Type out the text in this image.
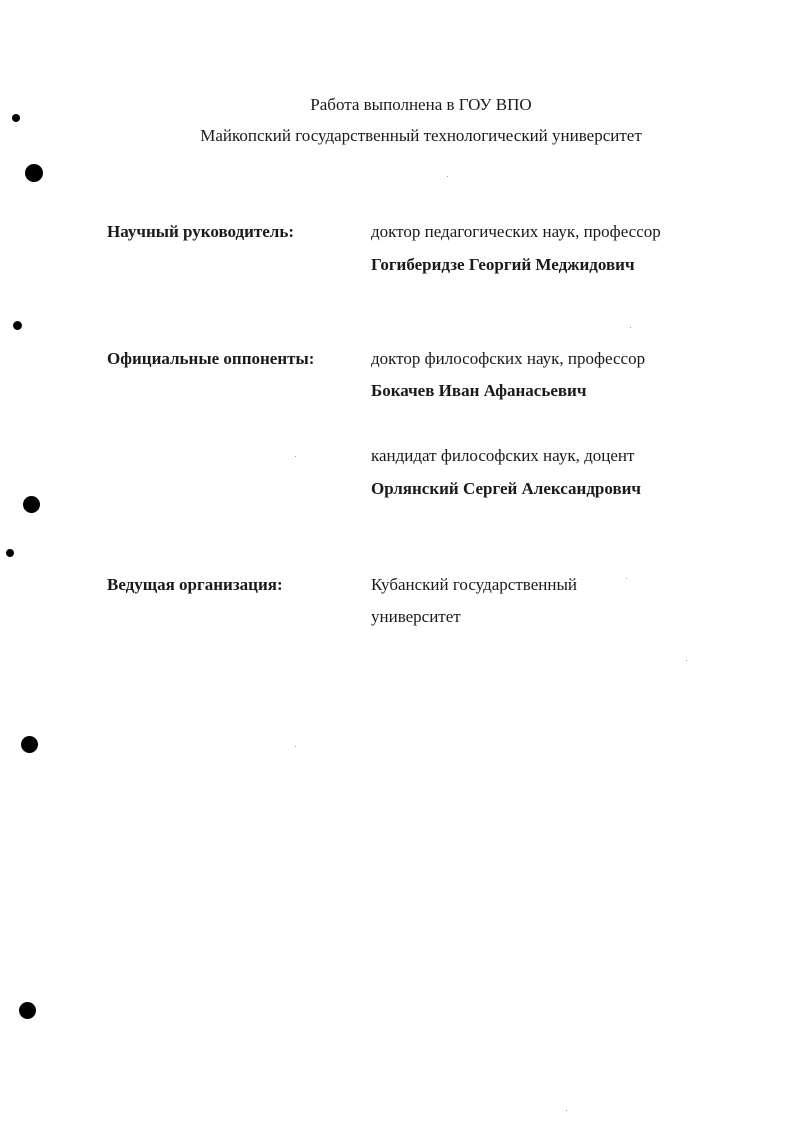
Работа выполнена в ГОУ ВПО
Майкопский государственный технологический университет
Научный руководитель:	доктор педагогических наук, профессор
Гогиберидзе Георгий Меджидович
Официальные оппоненты:	доктор философских наук, профессор
Бокачев Иван Афанасьевич
кандидат философских наук, доцент
Орлянский Сергей Александрович
Ведущая организация:	Кубанский государственный
университет
